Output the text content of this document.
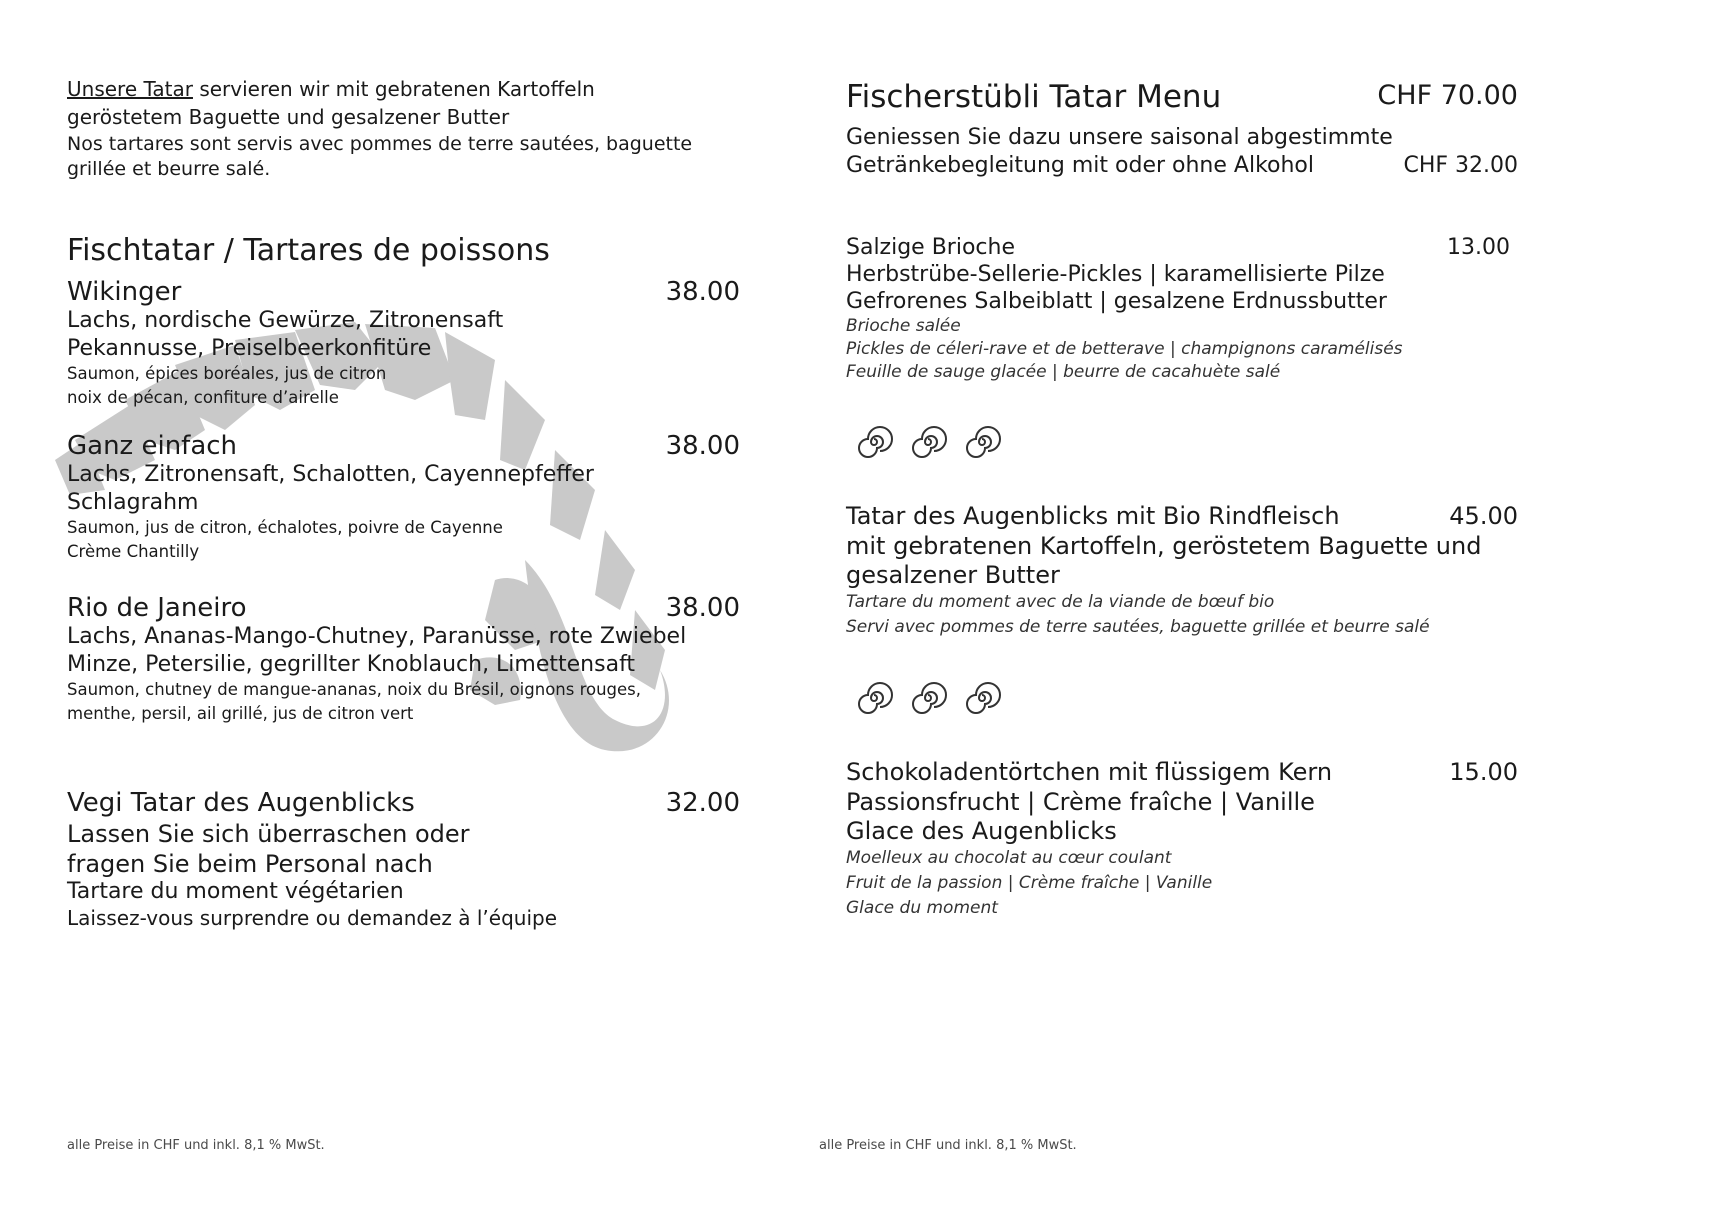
Unsere Tatar servieren wir mit gebratenen Kartoffeln
geröstetem Baguette und gesalzener Butter
Nos tartares sont servis avec pommes de terre sautées, baguette
grillée et beurre salé.
Fischtatar / Tartares de poissons
Wikinger	38.00
Lachs, nordische Gewürze, Zitronensaft
Pekannusse, Preiselbeerkonfitüre
Saumon, épices boréales, jus de citron
noix de pécan, confiture d’airelle
Ganz einfach	38.00
Lachs, Zitronensaft, Schalotten, Cayennepfeffer
Schlagrahm
Saumon, jus de citron, échalotes, poivre de Cayenne
Crème Chantilly
Rio de Janeiro	38.00
Lachs, Ananas-Mango-Chutney, Paranüsse, rote Zwiebel
Minze, Petersilie, gegrillter Knoblauch, Limettensaft
Saumon, chutney de mangue-ananas, noix du Brésil, oignons rouges,
menthe, persil, ail grillé, jus de citron vert
Vegi Tatar des Augenblicks	32.00
Lassen Sie sich überraschen oder
fragen Sie beim Personal nach
Tartare du moment végétarien
Laissez-vous surprendre ou demandez à l’équipe
alle Preise in CHF und inkl. 8,1 % MwSt.
Fischerstübli Tatar Menu	CHF 70.00
Geniessen Sie dazu unsere saisonal abgestimmte
Getränkebegleitung mit oder ohne Alkohol	CHF 32.00
Salzige Brioche	13.00
Herbstrübe-Sellerie-Pickles | karamellisierte Pilze
Gefrorenes Salbeiblatt | gesalzene Erdnussbutter
Brioche salée
Pickles de céleri-rave et de betterave | champignons caramélisés
Feuille de sauge glacée | beurre de cacahuète salé
Tatar des Augenblicks mit Bio Rindfleisch	45.00
mit gebratenen Kartoffeln, geröstetem Baguette und
gesalzener Butter
Tartare du moment avec de la viande de bœuf bio
Servi avec pommes de terre sautées, baguette grillée et beurre salé
Schokoladentörtchen mit flüssigem Kern	15.00
Passionsfrucht | Crème fraîche | Vanille
Glace des Augenblicks
Moelleux au chocolat au cœur coulant
Fruit de la passion | Crème fraîche | Vanille
Glace du moment
alle Preise in CHF und inkl. 8,1 % MwSt.
